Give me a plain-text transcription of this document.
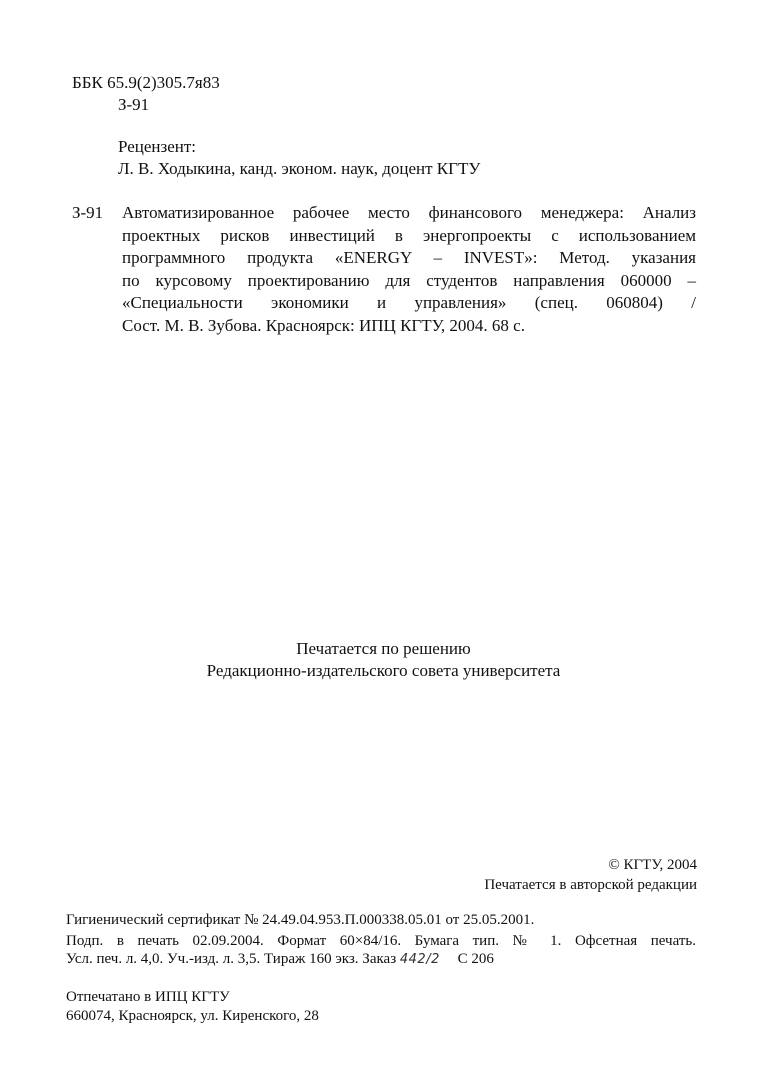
ББК 65.9(2)305.7я83
З-91
Рецензент:
Л. В. Ходыкина, канд. эконом. наук, доцент КГТУ
З-91 Автоматизированное рабочее место финансового менеджера: Анализ
проектных рисков инвестиций в энергопроекты с использованием
программного продукта «ENERGY – INVEST»: Метод. указания
по курсовому проектированию для студентов направления 060000 –
«Специальности экономики и управления» (спец. 060804) /
Сост. М. В. Зубова. Красноярск: ИПЦ КГТУ, 2004. 68 с.
Печатается по решению
Редакционно-издательского совета университета
© КГТУ, 2004
Печатается в авторской редакции
Гигиенический сертификат № 24.49.04.953.П.000338.05.01 от 25.05.2001.
Подп. в печать 02.09.2004. Формат 60×84/16. Бумага тип. № 1. Офсетная печать.
Усл. печ. л. 4,0. Уч.-изд. л. 3,5. Тираж 160 экз. Заказ 442/2 С 206
Отпечатано в ИПЦ КГТУ
660074, Красноярск, ул. Киренского, 28
